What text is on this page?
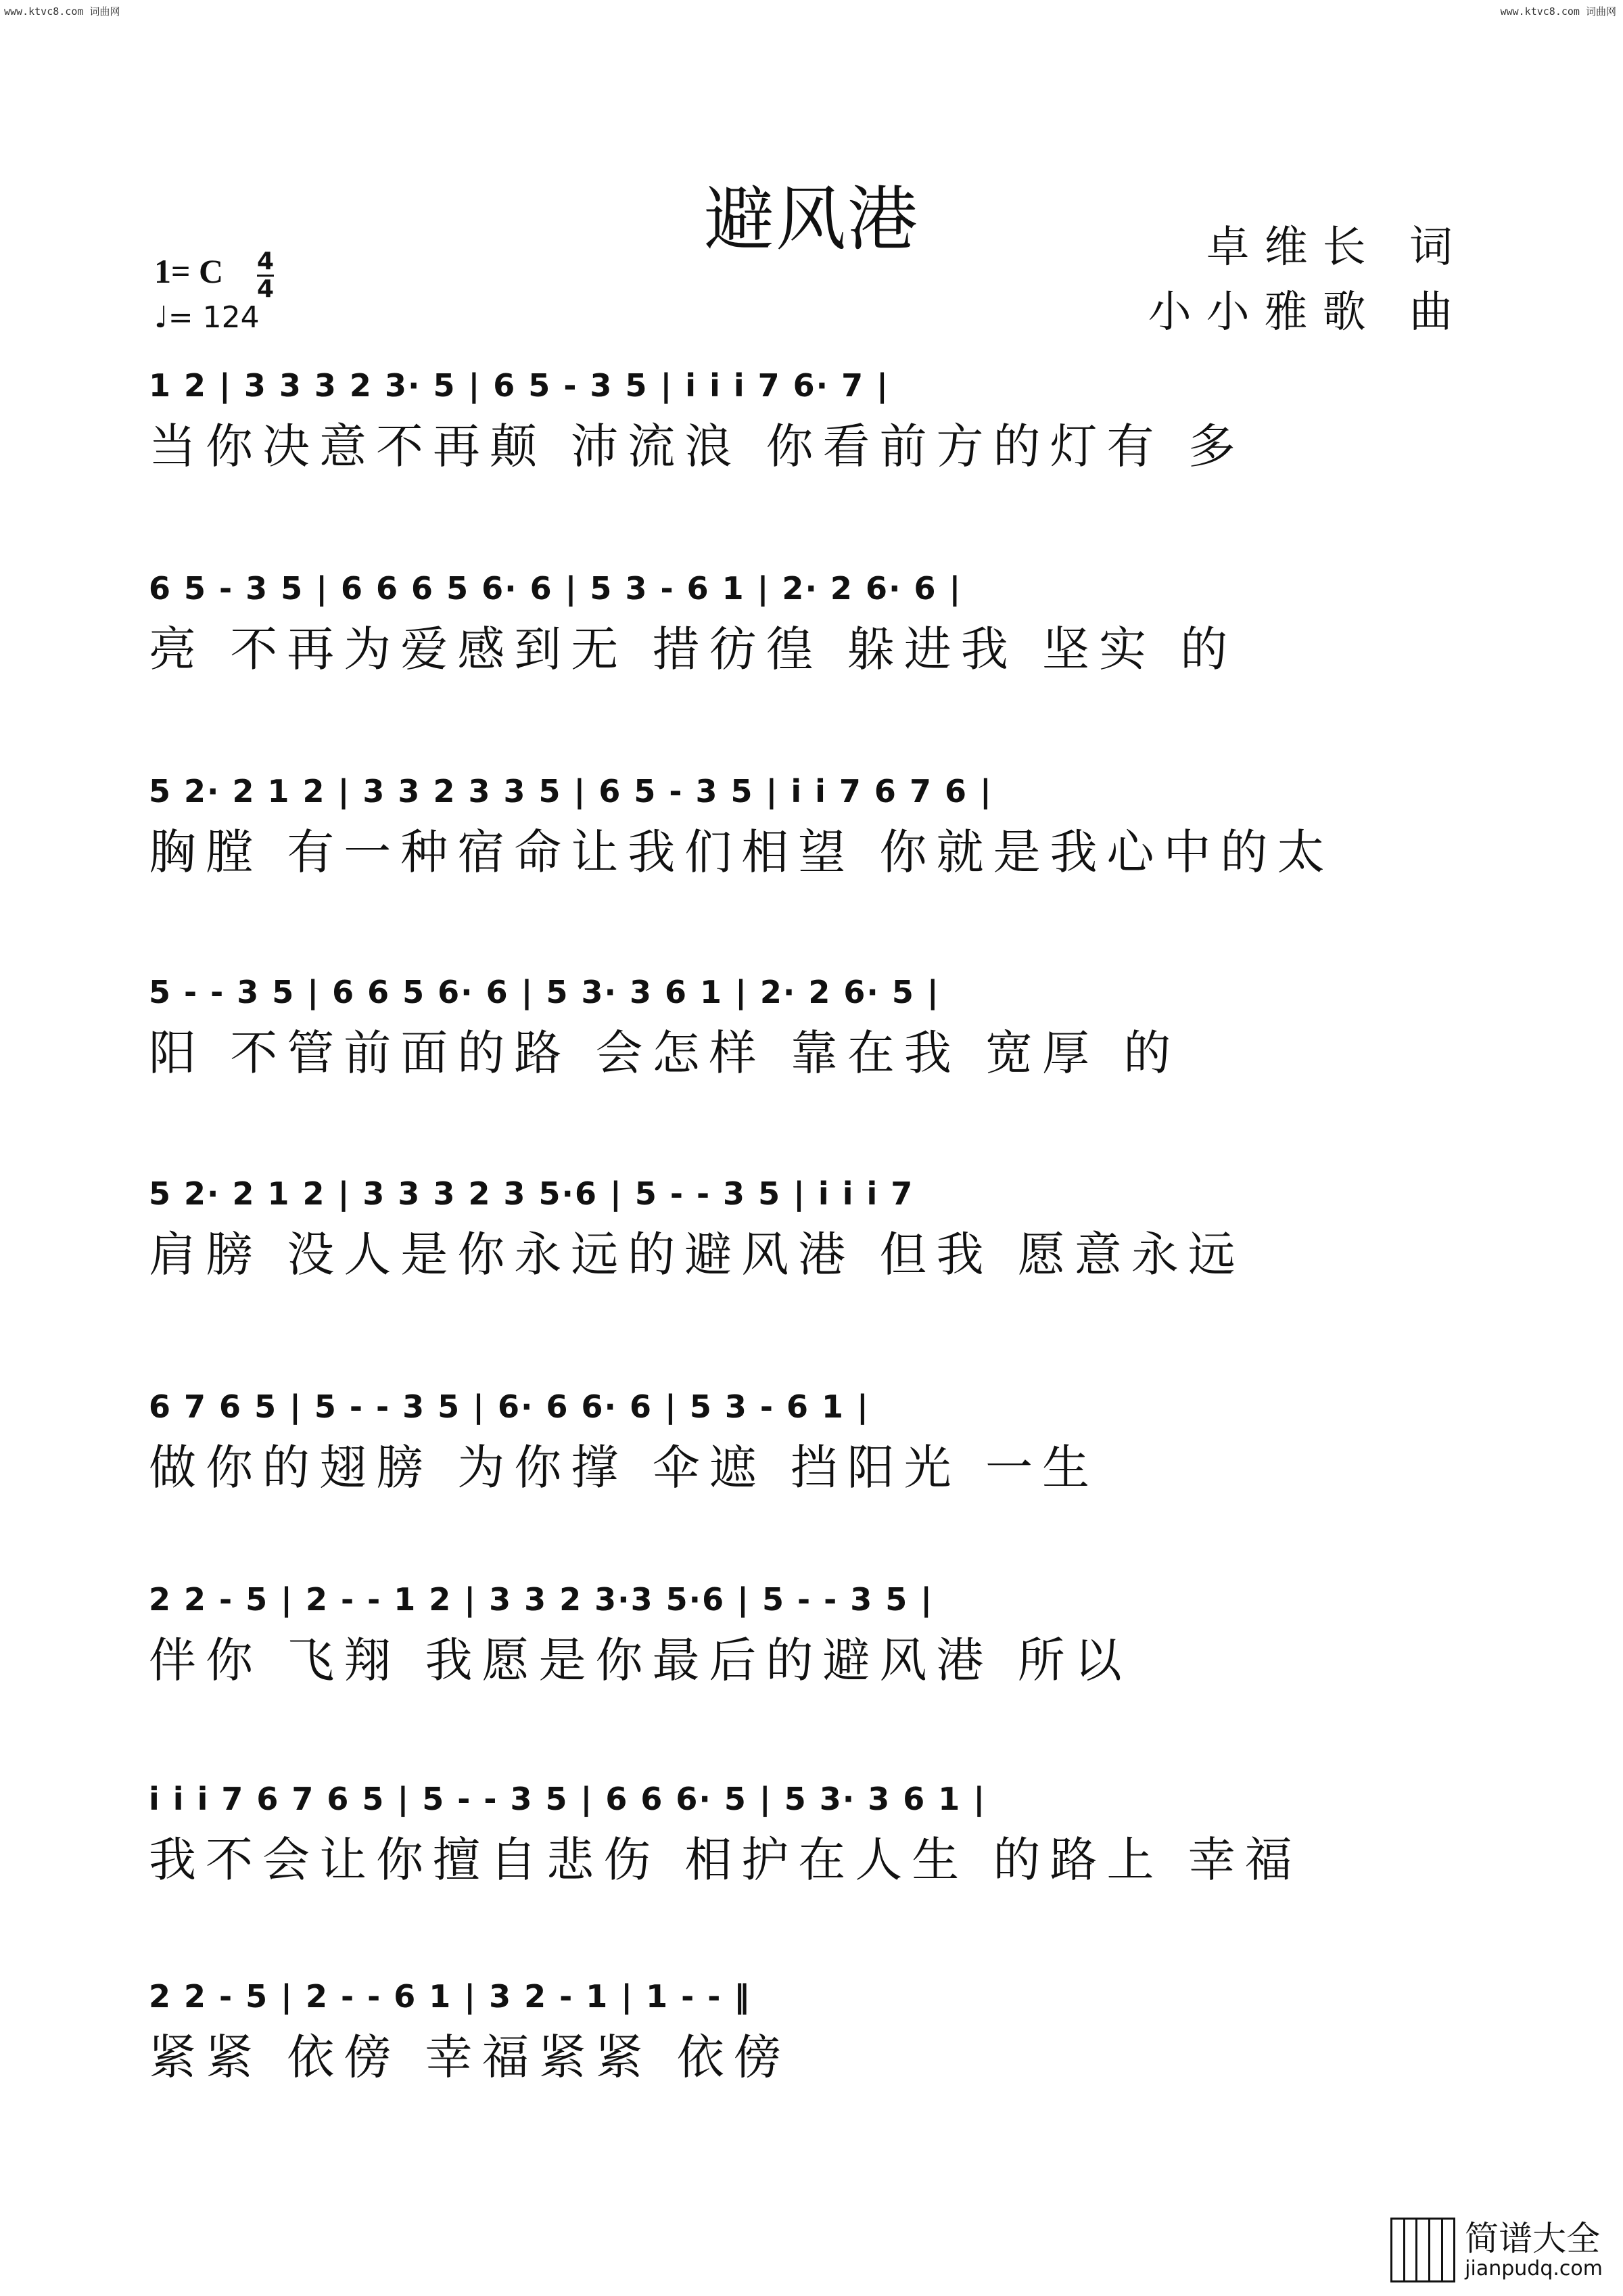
www.ktvc8.com 词曲网	www.ktvc8.com 词曲网
避风港	卓维长 词
小小雅歌 曲
1= C 4
4
♩= 124
1 2 | 3 3 3 2 3· 5 | 6 5 - 3 5 | i i i 7 6· 7 |
当你决意不再颠 沛流浪 你看前方的灯有 多
6 5 - 3 5 | 6 6 6 5 6· 6 | 5 3 - 6 1 | 2· 2 6· 6 |
亮 不再为爱感到无 措彷徨 躲进我 坚实 的
5 2· 2 1 2 | 3 3 2 3 3 5 | 6 5 - 3 5 | i i 7 6 7 6 |
胸膛 有一种宿命让我们相望 你就是我心中的太
5 - - 3 5 | 6 6 5 6· 6 | 5 3· 3 6 1 | 2· 2 6· 5 |
阳 不管前面的路 会怎样 靠在我 宽厚 的
5 2· 2 1 2 | 3 3 3 2 3 5·6 | 5 - - 3 5 | i i i 7
肩膀 没人是你永远的避风港 但我 愿意永远
6 7 6 5 | 5 - - 3 5 | 6· 6 6· 6 | 5 3 - 6 1 |
做你的翅膀 为你撑 伞遮 挡阳光 一生
2 2 - 5 | 2 - - 1 2 | 3 3 2 3·3 5·6 | 5 - - 3 5 |
伴你 飞翔 我愿是你最后的避风港 所以
i i i 7 6 7 6 5 | 5 - - 3 5 | 6 6 6· 5 | 5 3· 3 6 1 |
我不会让你擅自悲伤 相护在人生 的路上 幸福
2 2 - 5 | 2 - - 6 1 | 3 2 - 1 | 1 - - ‖
紧紧 依傍 幸福紧紧 依傍
简谱大全
jianpudq.com
